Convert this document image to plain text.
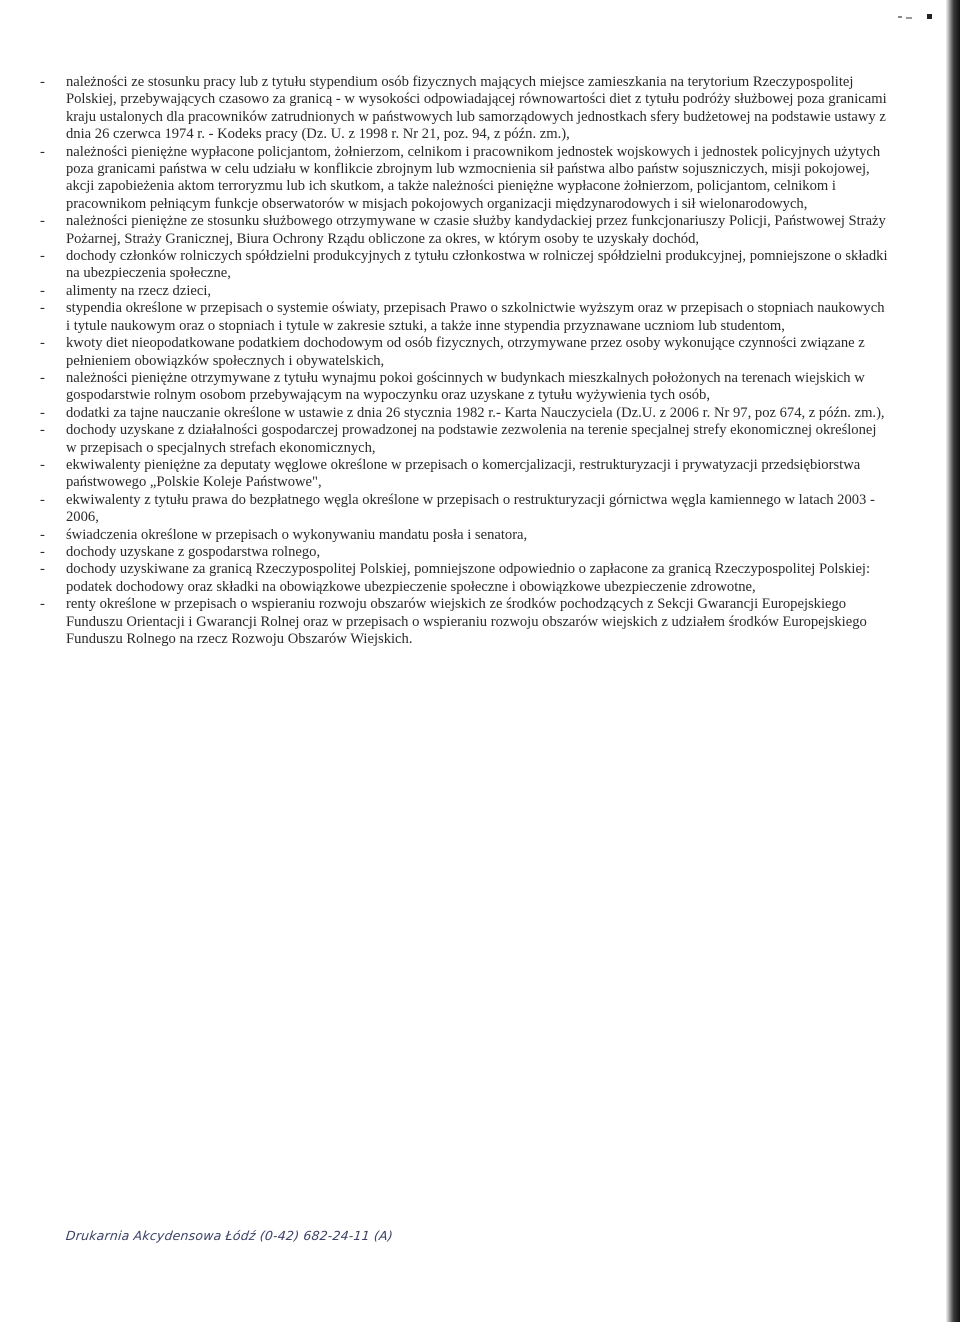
- należności ze stosunku pracy lub z tytułu stypendium osób fizycznych mających miejsce zamieszkania na terytorium Rzeczypospolitej Polskiej, przebywających czasowo za granicą - w wysokości odpowiadającej równowartości diet z tytułu podróży służbowej poza granicami kraju ustalonych dla pracowników zatrudnionych w państwowych lub samorządowych jednostkach sfery budżetowej na podstawie ustawy z dnia 26 czerwca 1974 r. - Kodeks pracy (Dz. U. z 1998 r. Nr 21, poz. 94, z późn. zm.),

- należności pieniężne wypłacone policjantom, żołnierzom, celnikom i pracownikom jednostek wojskowych i jednostek policyjnych użytych poza granicami państwa w celu udziału w konflikcie zbrojnym lub wzmocnienia sił państwa albo państw sojuszniczych, misji pokojowej, akcji zapobieżenia aktom terroryzmu lub ich skutkom, a także należności pieniężne wypłacone żołnierzom, policjantom, celnikom i pracownikom pełniącym funkcje obserwatorów w misjach pokojowych organizacji międzynarodowych i sił wielonarodowych,

- należności pieniężne ze stosunku służbowego otrzymywane w czasie służby kandydackiej przez funkcjonariuszy Policji, Państwowej Straży Pożarnej, Straży Granicznej, Biura Ochrony Rządu obliczone za okres, w którym osoby te uzyskały dochód,

- dochody członków rolniczych spółdzielni produkcyjnych z tytułu członkostwa w rolniczej spółdzielni produkcyjnej, pomniejszone o składki na ubezpieczenia społeczne,

- alimenty na rzecz dzieci,

- stypendia określone w przepisach o systemie oświaty, przepisach Prawo o szkolnictwie wyższym oraz w przepisach o stopniach naukowych i tytule naukowym oraz o stopniach i tytule w zakresie sztuki, a także inne stypendia przyznawane uczniom lub studentom,

- kwoty diet nieopodatkowane podatkiem dochodowym od osób fizycznych, otrzymywane przez osoby wykonujące czynności związane z pełnieniem obowiązków społecznych i obywatelskich,

- należności pieniężne otrzymywane z tytułu wynajmu pokoi gościnnych w budynkach mieszkalnych położonych na terenach wiejskich w gospodarstwie rolnym osobom przebywającym na wypoczynku oraz uzyskane z tytułu wyżywienia tych osób,

- dodatki za tajne nauczanie określone w ustawie z dnia 26 stycznia 1982 r.- Karta Nauczyciela (Dz.U. z 2006 r. Nr 97, poz 674, z późn. zm.),

- dochody uzyskane z działalności gospodarczej prowadzonej na podstawie zezwolenia na terenie specjalnej strefy ekonomicznej określonej w przepisach o specjalnych strefach ekonomicznych,

- ekwiwalenty pieniężne za deputaty węglowe określone w przepisach o komercjalizacji, restrukturyzacji i prywatyzacji przedsiębiorstwa państwowego „Polskie Koleje Państwowe",

- ekwiwalenty z tytułu prawa do bezpłatnego węgla określone w przepisach o restrukturyzacji górnictwa węgla kamiennego w latach 2003 - 2006,

- świadczenia określone w przepisach o wykonywaniu mandatu posła i senatora,

- dochody uzyskane z gospodarstwa rolnego,

- dochody uzyskiwane za granicą Rzeczypospolitej Polskiej, pomniejszone odpowiednio o zapłacone za granicą Rzeczypospolitej Polskiej: podatek dochodowy oraz składki na obowiązkowe ubezpieczenie społeczne i obowiązkowe ubezpieczenie zdrowotne,

- renty określone w przepisach o wspieraniu rozwoju obszarów wiejskich ze środków pochodzących z Sekcji Gwarancji Europejskiego Funduszu Orientacji i Gwarancji Rolnej oraz w przepisach o wspieraniu rozwoju obszarów wiejskich z udziałem środków Europejskiego Funduszu Rolnego na rzecz Rozwoju Obszarów Wiejskich.

Drukarnia Akcydensowa Łódź (0-42) 682-24-11 (A)
